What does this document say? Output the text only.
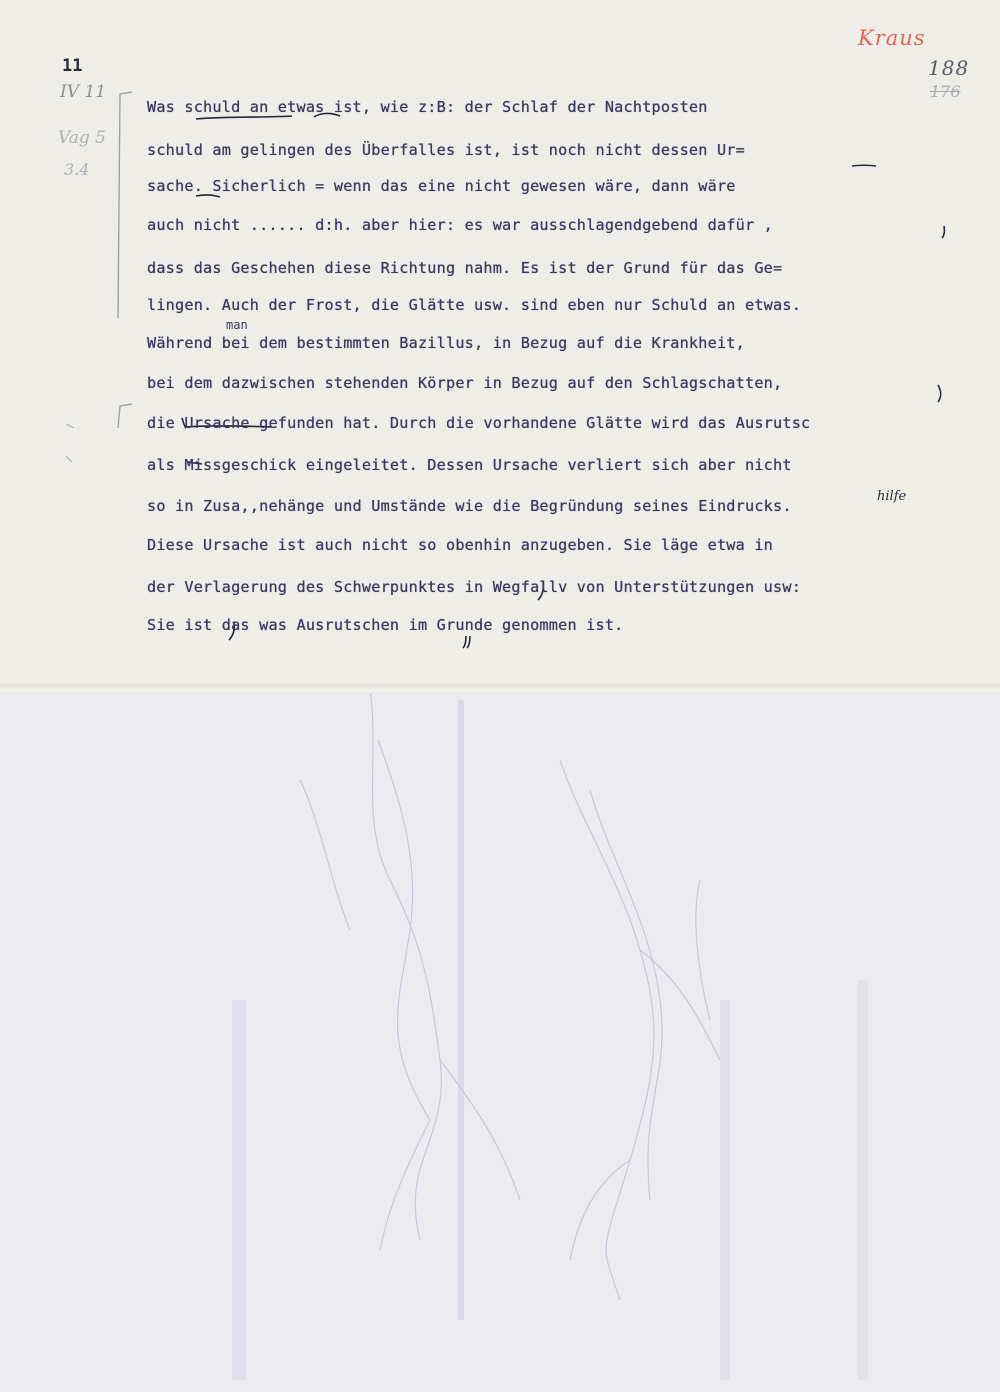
11
Kraus
188
176
IV 11
Vag 5
3.4
man
hilfe
Was schuld an etwas ist, wie z:B: der Schlaf der Nachtposten
schuld am gelingen des Überfalles ist, ist noch nicht dessen Ur=
sache. Sicherlich = wenn das eine nicht gewesen wäre, dann wäre
auch nicht ...... d:h. aber hier: es war ausschlagendgebend dafür ,
dass das Geschehen diese Richtung nahm. Es ist der Grund für das Ge=
lingen. Auch der Frost, die Glätte usw. sind eben nur Schuld an etwas.
Während bei dem bestimmten Bazillus, in Bezug auf die Krankheit,
bei dem dazwischen stehenden Körper in Bezug auf den Schlagschatten,
die Ursache gefunden hat. Durch die vorhandene Glätte wird das Ausrutsc
als Missgeschick eingeleitet. Dessen Ursache verliert sich aber nicht
so in Zusa,,nehänge und Umstände wie die Begründung seines Eindrucks.
Diese Ursache ist auch nicht so obenhin anzugeben. Sie läge etwa in
der Verlagerung des Schwerpunktes in Wegfallv von Unterstützungen usw:
Sie ist das was Ausrutschen im Grunde genommen ist.
